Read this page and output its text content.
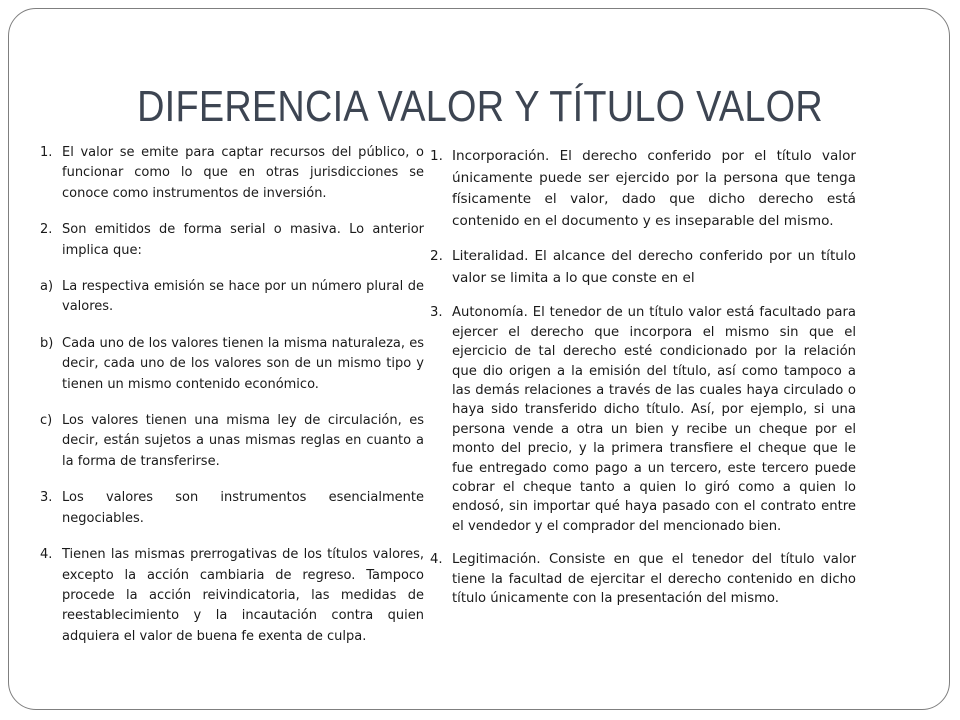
DIFERENCIA VALOR Y TÍTULO VALOR
1. El valor se emite para captar recursos del público, o funcionar como lo que en otras jurisdicciones se conoce como instrumentos de inversión.
2. Son emitidos de forma serial o masiva. Lo anterior implica que:
a) La respectiva emisión se hace por un número plural de valores.
b) Cada uno de los valores tienen la misma naturaleza, es decir, cada uno de los valores son de un mismo tipo y tienen un mismo contenido económico.
c) Los valores tienen una misma ley de circulación, es decir, están sujetos a unas mismas reglas en cuanto a la forma de transferirse.
3. Los valores son instrumentos esencialmente negociables.
4. Tienen las mismas prerrogativas de los títulos valores, excepto la acción cambiaria de regreso. Tampoco procede la acción reivindicatoria, las medidas de reestablecimiento y la incautación contra quien adquiera el valor de buena fe exenta de culpa.
1. Incorporación. El derecho conferido por el título valor únicamente puede ser ejercido por la persona que tenga físicamente el valor, dado que dicho derecho está contenido en el documento y es inseparable del mismo.
2. Literalidad. El alcance del derecho conferido por un título valor se limita a lo que conste en el
3. Autonomía. El tenedor de un título valor está facultado para ejercer el derecho que incorpora el mismo sin que el ejercicio de tal derecho esté condicionado por la relación que dio origen a la emisión del título, así como tampoco a las demás relaciones a través de las cuales haya circulado o haya sido transferido dicho título. Así, por ejemplo, si una persona vende a otra un bien y recibe un cheque por el monto del precio, y la primera transfiere el cheque que le fue entregado como pago a un tercero, este tercero puede cobrar el cheque tanto a quien lo giró como a quien lo endosó, sin importar qué haya pasado con el contrato entre el vendedor y el comprador del mencionado bien.
4. Legitimación. Consiste en que el tenedor del título valor tiene la facultad de ejercitar el derecho contenido en dicho título únicamente con la presentación del mismo.
